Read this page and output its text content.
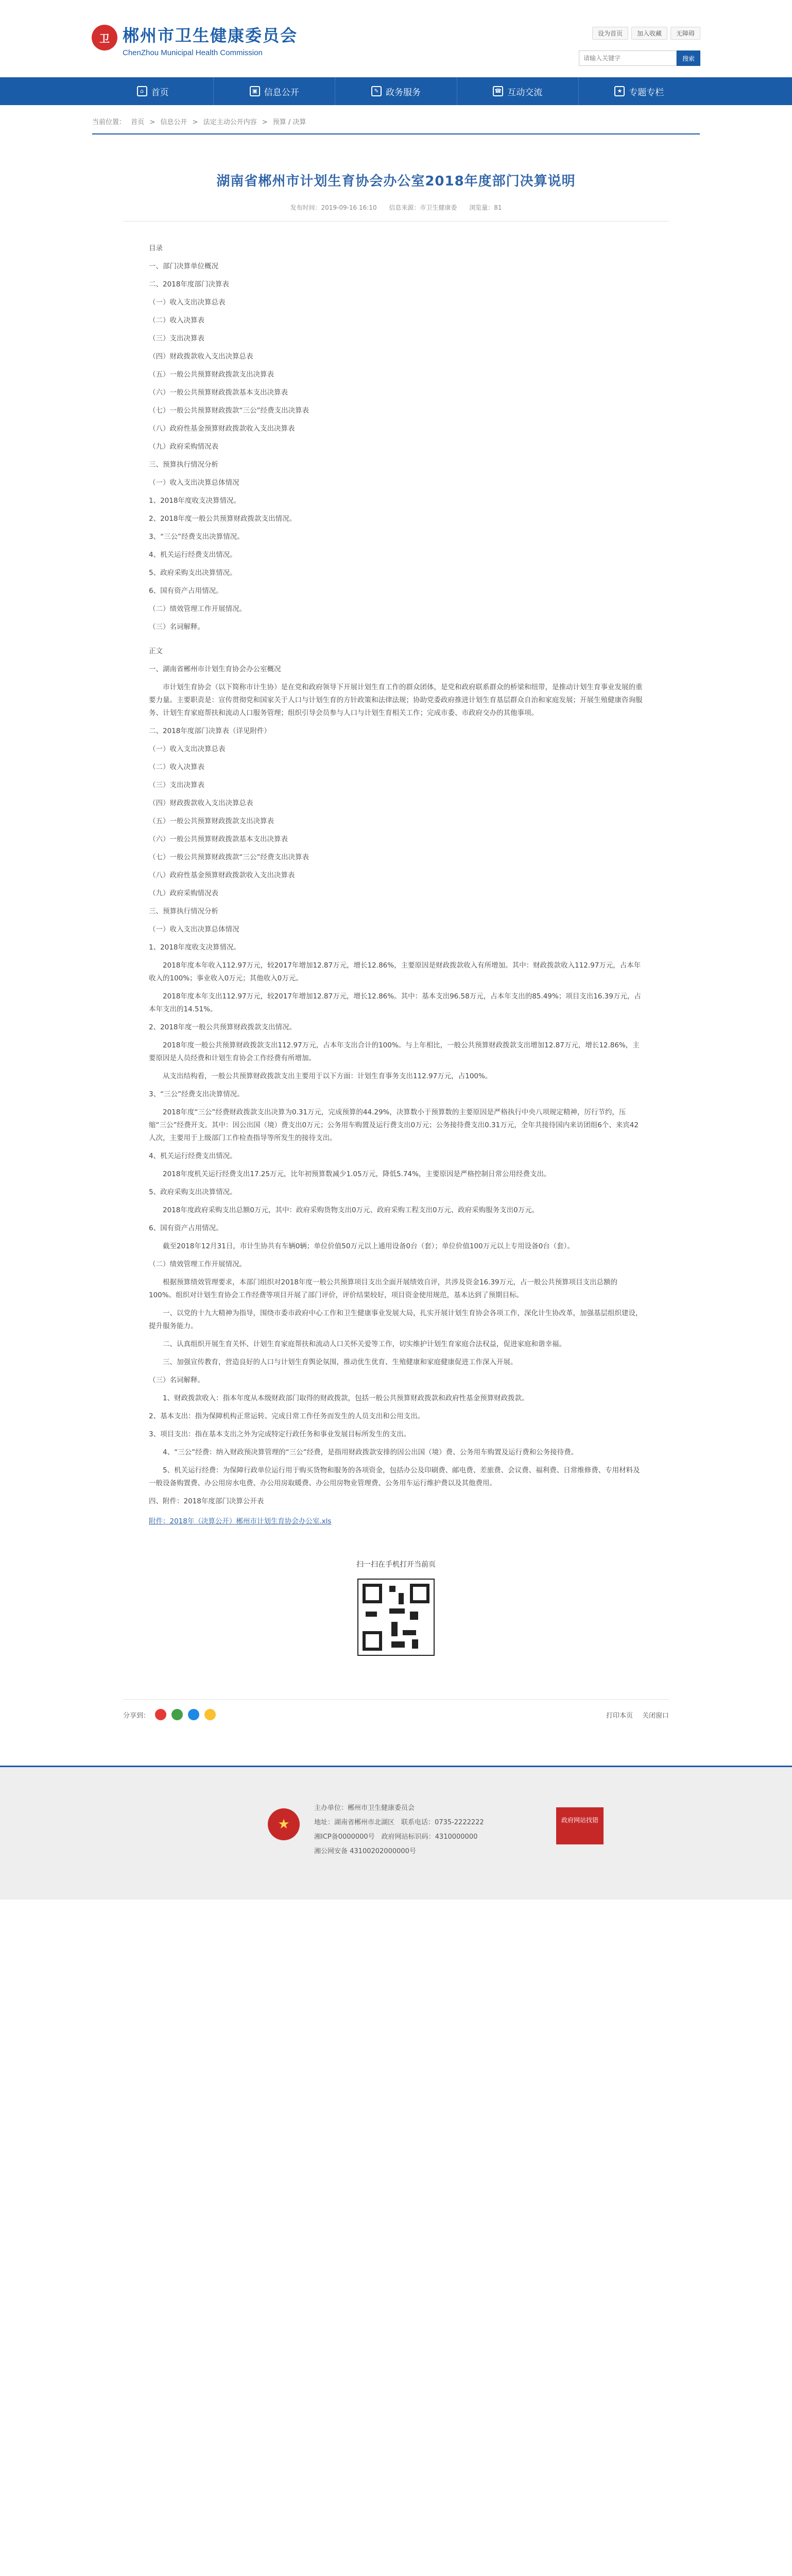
卫 郴州市卫生健康委员会

ChenZhou Municipal Health Commission

设为首页	加入收藏	无障碍
请输入关键字
搜索
⌂ 首页	▣ 信息公开	✎ 政务服务	☎ 互动交流	★ 专题专栏
当前位置： 首页 > 信息公开 > 法定主动公开内容 > 预算 / 决算
湖南省郴州市计划生育协会办公室2018年度部门决算说明
发布时间：2019-09-16 16:10 信息来源：市卫生健康委 浏览量：81

目录

一、部门决算单位概况

二、2018年度部门决算表

（一）收入支出决算总表

（二）收入决算表

（三）支出决算表

（四）财政拨款收入支出决算总表

（五）一般公共预算财政拨款支出决算表

（六）一般公共预算财政拨款基本支出决算表

（七）一般公共预算财政拨款“三公”经费支出决算表

（八）政府性基金预算财政拨款收入支出决算表

（九）政府采购情况表

三、预算执行情况分析

（一）收入支出决算总体情况

1、2018年度收支决算情况。

2、2018年度一般公共预算财政拨款支出情况。

3、“三公”经费支出决算情况。

4、机关运行经费支出情况。

5、政府采购支出决算情况。

6、国有资产占用情况。

（二）绩效管理工作开展情况。

（三）名词解释。

正文

一、湖南省郴州市计划生育协会办公室概况

市计划生育协会（以下简称市计生协）是在党和政府领导下开展计划生育工作的群众团体，是党和政府联系群众的桥梁和纽带，是推动计划生育事业发展的重要力量。主要职责是：宣传贯彻党和国家关于人口与计划生育的方针政策和法律法规；协助党委政府推进计划生育基层群众自治和家庭发展；开展生殖健康咨询服务、计划生育家庭帮扶和流动人口服务管理；组织引导会员参与人口与计划生育相关工作；完成市委、市政府交办的其他事项。

二、2018年度部门决算表（详见附件）

（一）收入支出决算总表

（二）收入决算表

（三）支出决算表

（四）财政拨款收入支出决算总表

（五）一般公共预算财政拨款支出决算表

（六）一般公共预算财政拨款基本支出决算表

（七）一般公共预算财政拨款“三公”经费支出决算表

（八）政府性基金预算财政拨款收入支出决算表

（九）政府采购情况表

三、预算执行情况分析

（一）收入支出决算总体情况

1、2018年度收支决算情况。

2018年度本年收入112.97万元，较2017年增加12.87万元，增长12.86%，主要原因是财政拨款收入有所增加。其中：财政拨款收入112.97万元，占本年收入的100%；事业收入0万元；其他收入0万元。

2018年度本年支出112.97万元，较2017年增加12.87万元，增长12.86%。其中：基本支出96.58万元，占本年支出的85.49%；项目支出16.39万元，占本年支出的14.51%。

2、2018年度一般公共预算财政拨款支出情况。

2018年度一般公共预算财政拨款支出112.97万元，占本年支出合计的100%。与上年相比，一般公共预算财政拨款支出增加12.87万元，增长12.86%，主要原因是人员经费和计划生育协会工作经费有所增加。

从支出结构看，一般公共预算财政拨款支出主要用于以下方面：计划生育事务支出112.97万元，占100%。

3、“三公”经费支出决算情况。

2018年度“三公”经费财政拨款支出决算为0.31万元，完成预算的44.29%，决算数小于预算数的主要原因是严格执行中央八项规定精神，厉行节约，压缩“三公”经费开支。其中：因公出国（境）费支出0万元；公务用车购置及运行费支出0万元；公务接待费支出0.31万元，全年共接待国内来访团组6个、来宾42人次，主要用于上级部门工作检查指导等所发生的接待支出。

4、机关运行经费支出情况。

2018年度机关运行经费支出17.25万元，比年初预算数减少1.05万元，降低5.74%，主要原因是严格控制日常公用经费支出。

5、政府采购支出决算情况。

2018年度政府采购支出总额0万元，其中：政府采购货物支出0万元、政府采购工程支出0万元、政府采购服务支出0万元。

6、国有资产占用情况。

截至2018年12月31日，市计生协共有车辆0辆；单位价值50万元以上通用设备0台（套）；单位价值100万元以上专用设备0台（套）。

（二）绩效管理工作开展情况。

根据预算绩效管理要求，本部门组织对2018年度一般公共预算项目支出全面开展绩效自评，共涉及资金16.39万元，占一般公共预算项目支出总额的100%。组织对计划生育协会工作经费等项目开展了部门评价，评价结果较好，项目资金使用规范，基本达到了预期目标。

一、以党的十九大精神为指导，围绕市委市政府中心工作和卫生健康事业发展大局，扎实开展计划生育协会各项工作，深化计生协改革，加强基层组织建设，提升服务能力。

二、认真组织开展生育关怀、计划生育家庭帮扶和流动人口关怀关爱等工作，切实维护计划生育家庭合法权益，促进家庭和谐幸福。

三、加强宣传教育，营造良好的人口与计划生育舆论氛围，推动优生优育、生殖健康和家庭健康促进工作深入开展。

（三）名词解释。

1、财政拨款收入：指本年度从本级财政部门取得的财政拨款，包括一般公共预算财政拨款和政府性基金预算财政拨款。

2、基本支出：指为保障机构正常运转、完成日常工作任务而发生的人员支出和公用支出。

3、项目支出：指在基本支出之外为完成特定行政任务和事业发展目标所发生的支出。

4、“三公”经费：纳入财政预决算管理的“三公”经费，是指用财政拨款安排的因公出国（境）费、公务用车购置及运行费和公务接待费。

5、机关运行经费：为保障行政单位运行用于购买货物和服务的各项资金，包括办公及印刷费、邮电费、差旅费、会议费、福利费、日常维修费、专用材料及一般设备购置费、办公用房水电费、办公用房取暖费、办公用房物业管理费、公务用车运行维护费以及其他费用。

四、附件：2018年度部门决算公开表

附件：2018年（决算公开）郴州市计划生育协会办公室.xls

扫一扫在手机打开当前页
分享到：	打印本页 关闭窗口
★
主办单位：郴州市卫生健康委员会
地址：湖南省郴州市北湖区　联系电话：0735-2222222
湘ICP备0000000号　政府网站标识码：4310000000
湘公网安备 43100202000000号
政府网站找错
